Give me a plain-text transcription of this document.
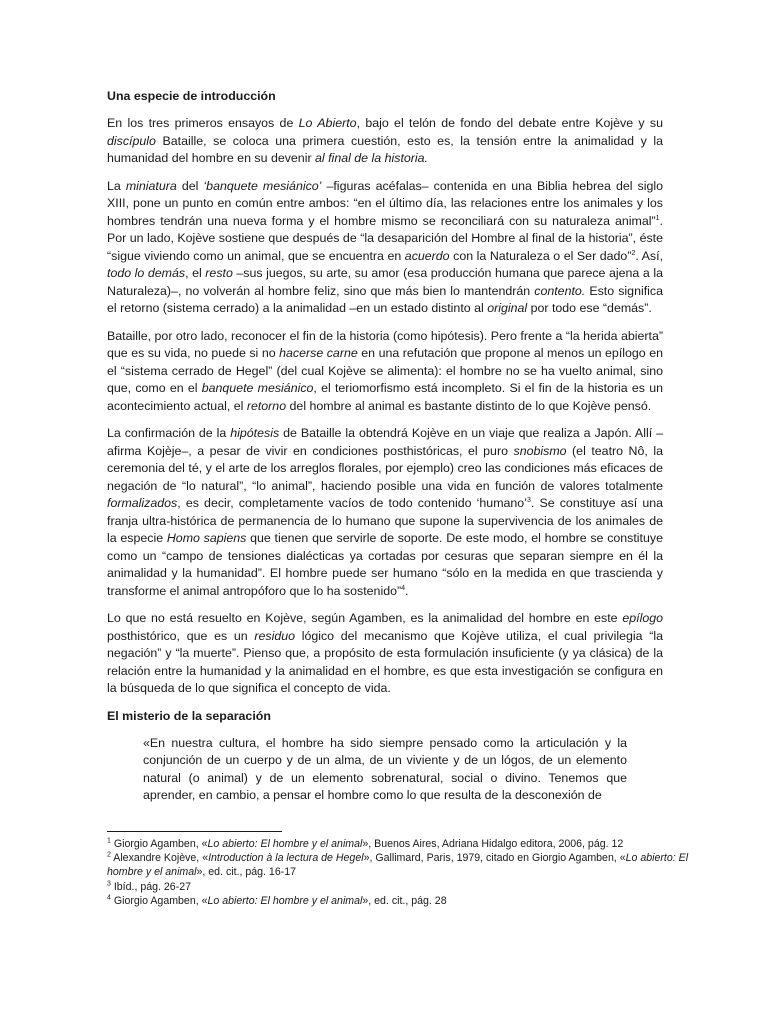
Una especie de introducción

En los tres primeros ensayos de Lo Abierto, bajo el telón de fondo del debate entre Kojève y su discípulo Bataille, se coloca una primera cuestión, esto es, la tensión entre la animalidad y la humanidad del hombre en su devenir al final de la historia.

La miniatura del ‘banquete mesiánico’ –figuras acéfalas– contenida en una Biblia hebrea del siglo XIII, pone un punto en común entre ambos: “en el último día, las relaciones entre los animales y los hombres tendrán una nueva forma y el hombre mismo se reconciliará con su naturaleza animal”$^1$. Por un lado, Kojève sostiene que después de “la desaparición del Hombre al final de la historia”, éste “sigue viviendo como un animal, que se encuentra en acuerdo con la Naturaleza o el Ser dado”$^2$. Así, todo lo demás, el resto –sus juegos, su arte, su amor (esa producción humana que parece ajena a la Naturaleza)–, no volverán al hombre feliz, sino que más bien lo mantendrán contento. Esto significa el retorno (sistema cerrado) a la animalidad –en un estado distinto al original por todo ese “demás”.

Bataille, por otro lado, reconocer el fin de la historia (como hipótesis). Pero frente a “la herida abierta” que es su vida, no puede si no hacerse carne en una refutación que propone al menos un epílogo en el “sistema cerrado de Hegel” (del cual Kojève se alimenta): el hombre no se ha vuelto animal, sino que, como en el banquete mesiánico, el teriomorfismo está incompleto. Si el fin de la historia es un acontecimiento actual, el retorno del hombre al animal es bastante distinto de lo que Kojève pensó.

La confirmación de la hipótesis de Bataille la obtendrá Kojève en un viaje que realiza a Japón. Allí –afirma Kojèje–, a pesar de vivir en condiciones posthistóricas, el puro snobismo (el teatro Nô, la ceremonia del té, y el arte de los arreglos florales, por ejemplo) creo las condiciones más eficaces de negación de “lo natural”, “lo animal”, haciendo posible una vida en función de valores totalmente formalizados, es decir, completamente vacíos de todo contenido ‘humano’$^3$. Se constituye así una franja ultra-histórica de permanencia de lo humano que supone la supervivencia de los animales de la especie Homo sapiens que tienen que servirle de soporte. De este modo, el hombre se constituye como un “campo de tensiones dialécticas ya cortadas por cesuras que separan siempre en él la animalidad y la humanidad”. El hombre puede ser humano “sólo en la medida en que trascienda y transforme el animal antropóforo que lo ha sostenido”$^4$.

Lo que no está resuelto en Kojève, según Agamben, es la animalidad del hombre en este epílogo posthistórico, que es un residuo lógico del mecanismo que Kojève utiliza, el cual privilegia “la negación” y “la muerte”. Pienso que, a propósito de esta formulación insuficiente (y ya clásica) de la relación entre la humanidad y la animalidad en el hombre, es que esta investigación se configura en la búsqueda de lo que significa el concepto de vida.

El misterio de la separación

«En nuestra cultura, el hombre ha sido siempre pensado como la articulación y la conjunción de un cuerpo y de un alma, de un viviente y de un lógos, de un elemento natural (o animal) y de un elemento sobrenatural, social o divino. Tenemos que aprender, en cambio, a pensar el hombre como lo que resulta de la desconexión de

$^1$ Giorgio Agamben, «Lo abierto: El hombre y el animal», Buenos Aires, Adriana Hidalgo editora, 2006, pág. 12
$^2$ Alexandre Kojève, «Introduction à la lectura de Hegel», Gallimard, Paris, 1979, citado en Giorgio Agamben, «Lo abierto: El hombre y el animal», ed. cit., pág. 16-17
$^3$ Ibíd., pág. 26-27
$^4$ Giorgio Agamben, «Lo abierto: El hombre y el animal», ed. cit., pág. 28
